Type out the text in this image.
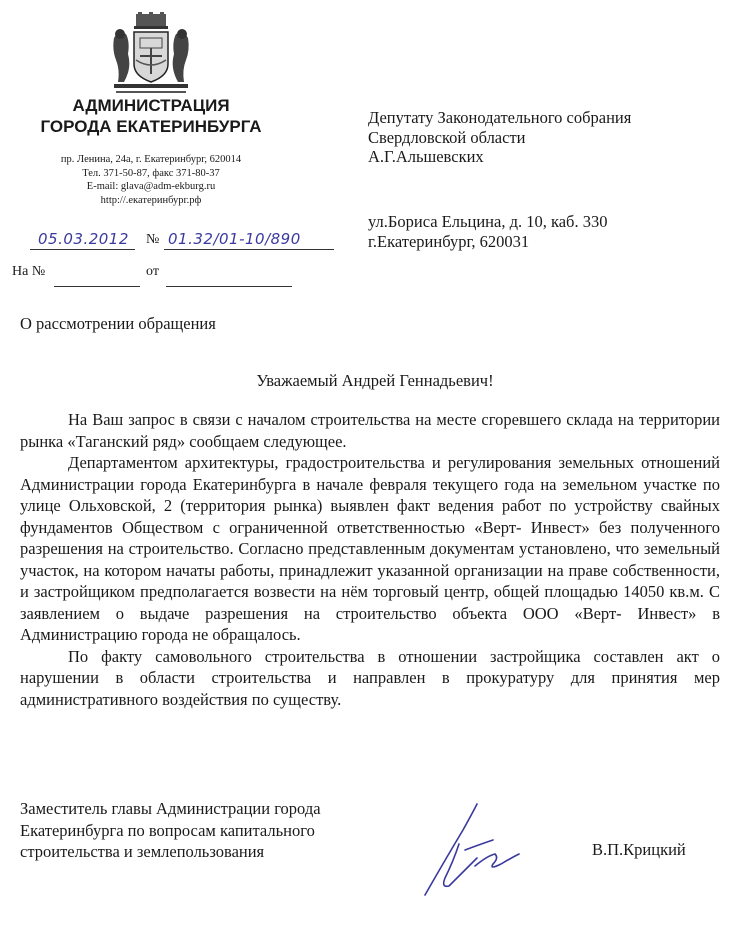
АДМИНИСТРАЦИЯ
ГОРОДА ЕКАТЕРИНБУРГА
пр. Ленина, 24а, г. Екатеринбург, 620014
Тел. 371-50-87, факс 371-80-37
E-mail: glava@adm-ekburg.ru
http://.екатеринбург.рф
Депутату Законодательного собрания
Свердловской области
А.Г.Альшевских
ул.Бориса Ельцина, д. 10, каб. 330
г.Екатеринбург, 620031
05.03.2012 № 01.32/01-10/890
На №	от
О рассмотрении обращения
Уважаемый Андрей Геннадьевич!

На Ваш запрос в связи с началом строительства на месте сгоревшего склада на территории рынка «Таганский ряд» сообщаем следующее.

Департаментом архитектуры, градостроительства и регулирования земельных отношений Администрации города Екатеринбурга в начале февраля текущего года на земельном участке по улице Ольховской, 2 (территория рынка) выявлен факт ведения работ по устройству свайных фундаментов Обществом с ограниченной ответственностью «Верт- Инвест» без полученного разрешения на строительство. Согласно представленным документам установлено, что земельный участок, на котором начаты работы, принадлежит указанной организации на праве собственности, и застройщиком предполагается возвести на нём торговый центр, общей площадью 14050 кв.м. С заявлением о выдаче разрешения на строительство объекта ООО «Верт- Инвест» в Администрацию города не обращалось.

По факту самовольного строительства в отношении застройщика составлен акт о нарушении в области строительства и направлен в прокуратуру для принятия мер административного воздействия по существу.

Заместитель главы Администрации города
Екатеринбурга по вопросам капитального
строительства и землепользования	В.П.Крицкий
